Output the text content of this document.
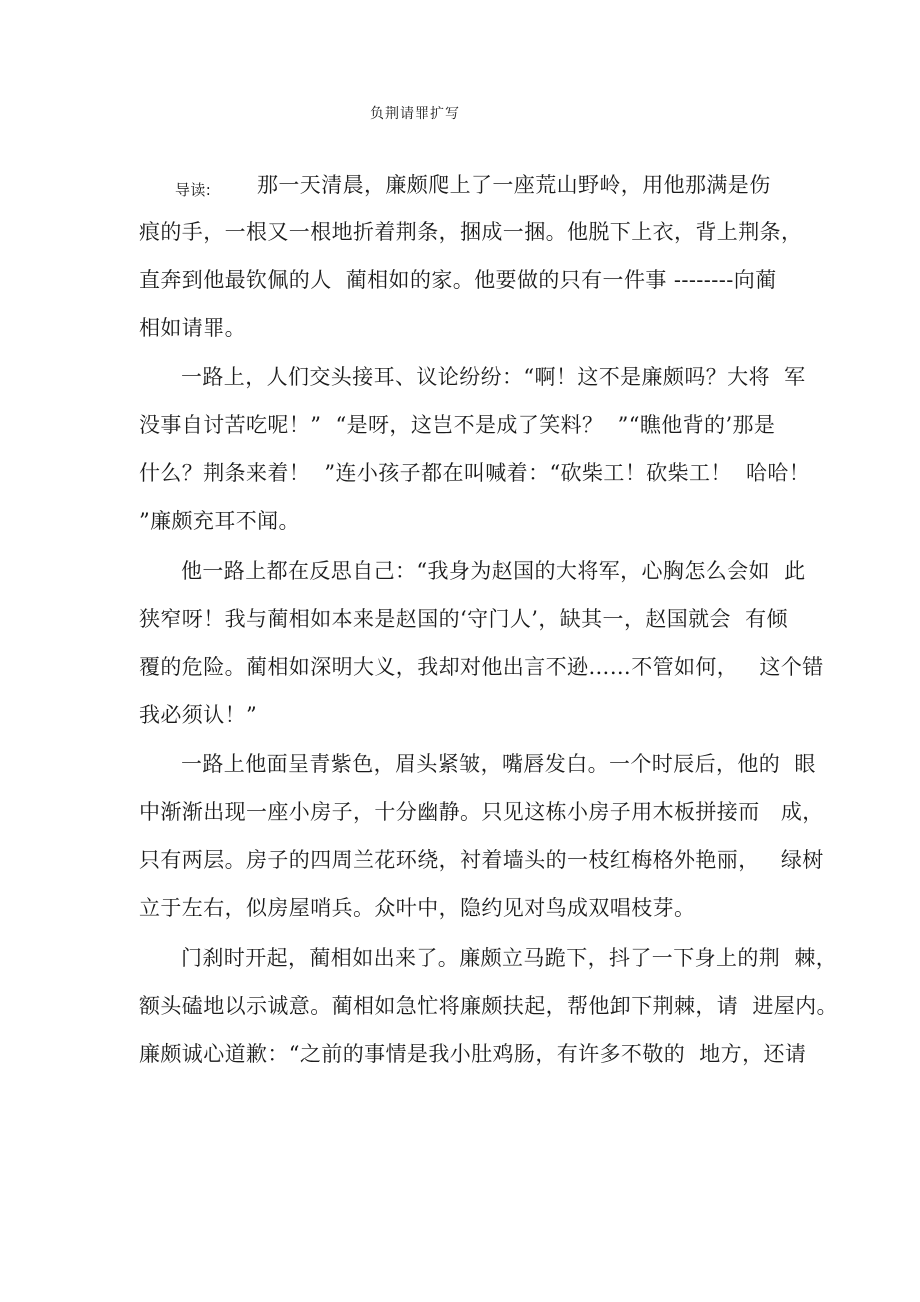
负荆请罪扩写
导读: 那一天清晨，廉颇爬上了一座荒山野岭，用他那满是伤
痕的手，一根又一根地折着荆条，捆成一捆。他脱下上衣，背上荆条，
直奔到他最钦佩的人  蔺相如的家。他要做的只有一件事 --------向蔺
相如请罪。
一路上，人们交头接耳、议论纷纷：“啊！这不是廉颇吗？大将  军
没事自讨苦吃呢！”  “是呀，这岂不是成了笑料？  ”“瞧他背的’那是
什么？荆条来着！  ”连小孩子都在叫喊着：“砍柴工！砍柴工！  哈哈！
”廉颇充耳不闻。
他一路上都在反思自己：“我身为赵国的大将军，心胸怎么会如  此
狭窄呀！我与蔺相如本来是赵国的‘守门人’，缺其一，赵国就会  有倾
覆的危险。蔺相如深明大义，我却对他出言不逊……不管如何，   这个错
我必须认！”
一路上他面呈青紫色，眉头紧皱，嘴唇发白。一个时辰后，他的  眼
中渐渐出现一座小房子，十分幽静。只见这栋小房子用木板拼接而   成，
只有两层。房子的四周兰花环绕，衬着墙头的一枝红梅格外艳丽，   绿树
立于左右，似房屋哨兵。众叶中，隐约见对鸟成双唱枝芽。
门刹时开起，蔺相如出来了。廉颇立马跪下，抖了一下身上的荆  棘，
额头磕地以示诚意。蔺相如急忙将廉颇扶起，帮他卸下荆棘，请  进屋内。
廉颇诚心道歉：“之前的事情是我小肚鸡肠，有许多不敬的  地方，还请
